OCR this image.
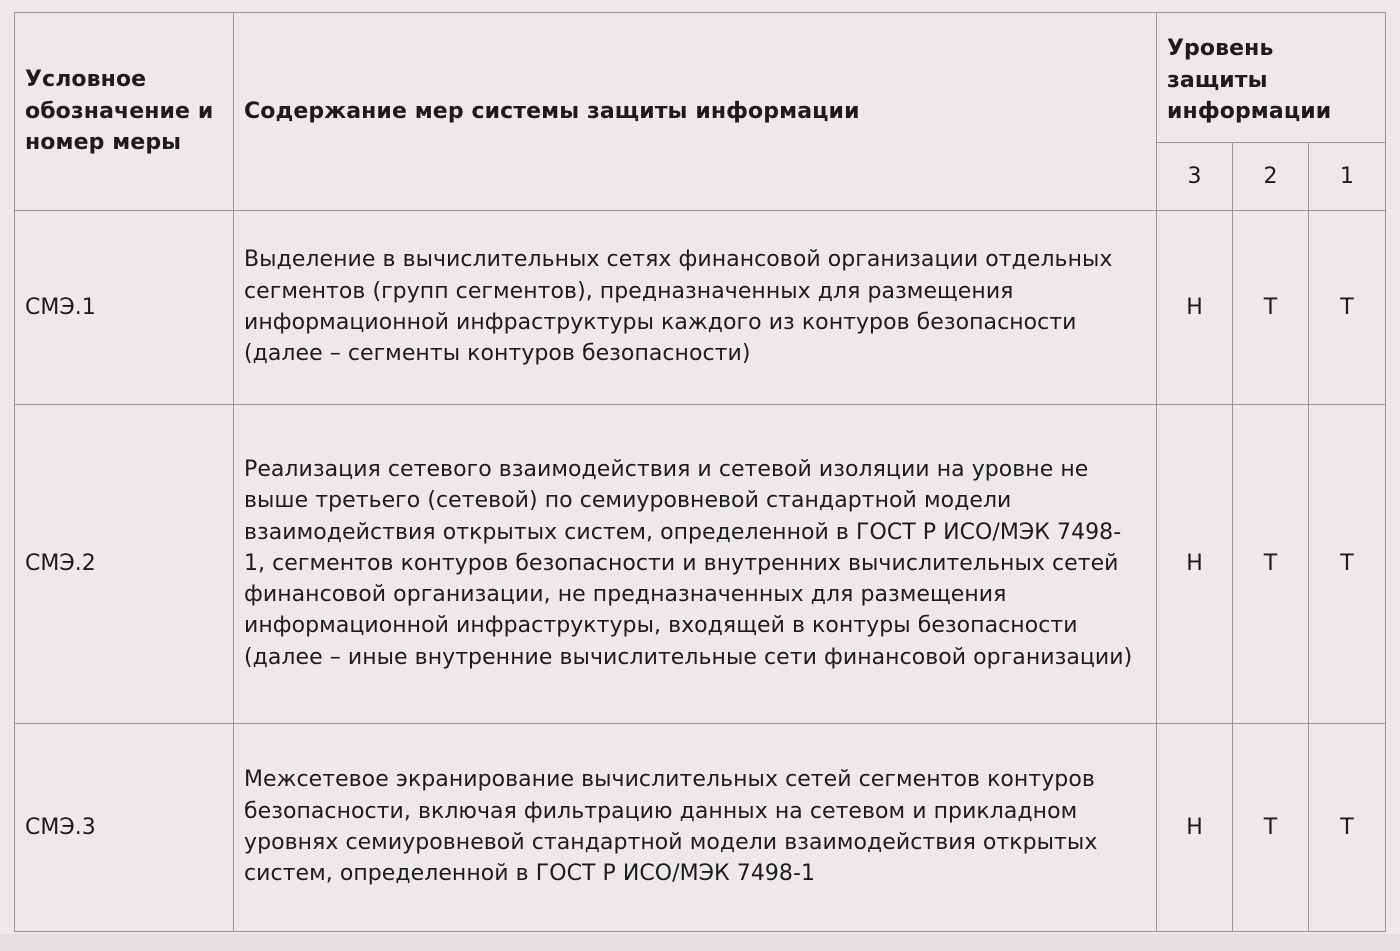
Условное обозначение и номер меры	Содержание мер системы защиты информации	Уровень защиты информации		
		3	2	1
СМЭ.1	Выделение в вычислительных сетях финансовой организации отдельных сегментов (групп сегментов), предназначенных для размещения информационной инфраструктуры каждого из контуров безопасности (далее – сегменты контуров безопасности)	Н	Т	Т
СМЭ.2	Реализация сетевого взаимодействия и сетевой изоляции на уровне не выше третьего (сетевой) по семиуровневой стандартной модели взаимодействия открытых систем, определенной в ГОСТ Р ИСО/МЭК 7498-1, сегментов контуров безопасности и внутренних вычислительных сетей финансовой организации, не предназначенных для размещения информационной инфраструктуры, входящей в контуры безопасности (далее – иные внутренние вычислительные сети финансовой организации)	Н	Т	Т
СМЭ.3	Межсетевое экранирование вычислительных сетей сегментов контуров безопасности, включая фильтрацию данных на сетевом и прикладном уровнях семиуровневой стандартной модели взаимодействия открытых систем, определенной в ГОСТ Р ИСО/МЭК 7498-1	Н	Т	Т
